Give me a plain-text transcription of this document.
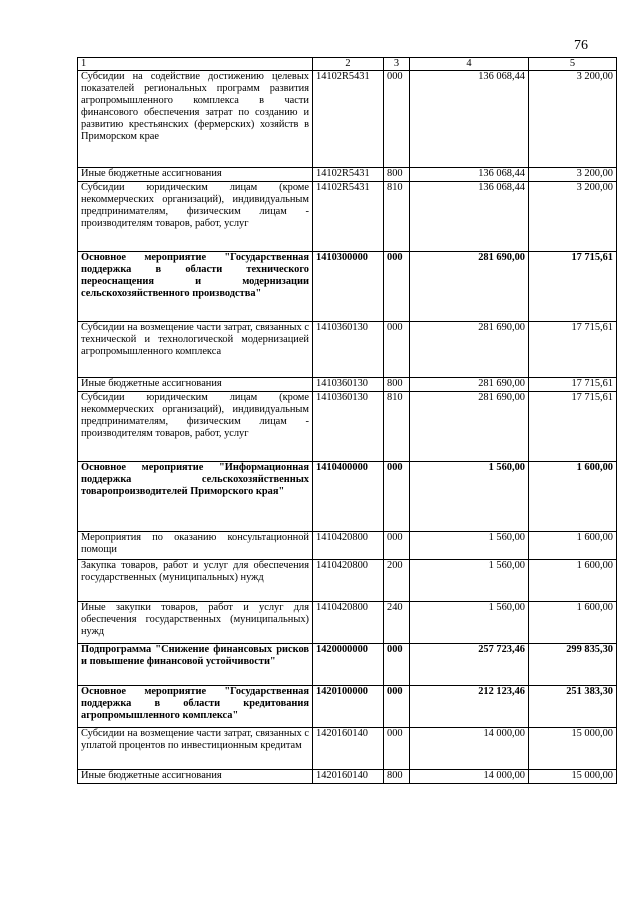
76
1	2	3	4	5
Субсидии на содействие достижению целевых показателей региональных программ развития агропромышленного комплекса в части финансового обеспечения затрат по созданию и развитию крестьянских (фермерских) хозяйств в Приморском крае	14102R5431	000	136 068,44	3 200,00
Иные бюджетные ассигнования	14102R5431	800	136 068,44	3 200,00
Субсидии юридическим лицам (кроме некоммерческих организаций), индивидуальным предпринимателям, физическим лицам - производителям товаров, работ, услуг	14102R5431	810	136 068,44	3 200,00
Основное мероприятие "Государственная поддержка в области технического переоснащения и модернизации сельскохозяйственного производства"	1410300000	000	281 690,00	17 715,61
Субсидии на возмещение части затрат, связанных с технической и технологической модернизацией агропромышленного комплекса	1410360130	000	281 690,00	17 715,61
Иные бюджетные ассигнования	1410360130	800	281 690,00	17 715,61
Субсидии юридическим лицам (кроме некоммерческих организаций), индивидуальным предпринимателям, физическим лицам - производителям товаров, работ, услуг	1410360130	810	281 690,00	17 715,61
Основное мероприятие "Информационная поддержка сельскохозяйственных товаропроизводителей Приморского края"	1410400000	000	1 560,00	1 600,00
Мероприятия по оказанию консультационной помощи	1410420800	000	1 560,00	1 600,00
Закупка товаров, работ и услуг для обеспечения государственных (муниципальных) нужд	1410420800	200	1 560,00	1 600,00
Иные закупки товаров, работ и услуг для обеспечения государственных (муниципальных) нужд	1410420800	240	1 560,00	1 600,00
Подпрограмма "Снижение финансовых рисков и повышение финансовой устойчивости"	1420000000	000	257 723,46	299 835,30
Основное мероприятие "Государственная поддержка в области кредитования агропромышленного комплекса"	1420100000	000	212 123,46	251 383,30
Субсидии на возмещение части затрат, связанных с уплатой процентов по инвестиционным кредитам	1420160140	000	14 000,00	15 000,00
Иные бюджетные ассигнования	1420160140	800	14 000,00	15 000,00
